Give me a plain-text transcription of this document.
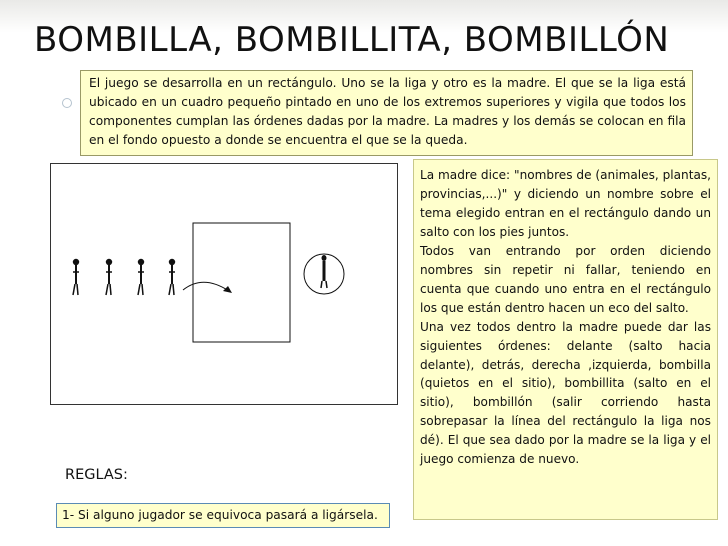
BOMBILLA, BOMBILLITA, BOMBILLÓN
El juego se desarrolla en un rectángulo. Uno se la liga y otro es la madre. El que se la liga está ubicado en un cuadro pequeño pintado en uno de los extremos superiores y vigila que todos los componentes cumplan las órdenes dadas por la madre. La madres y los demás se colocan en fila en el fondo opuesto a donde se encuentra el que se la queda.

La madre dice: "nombres de (animales, plantas, provincias,...)" y diciendo un nombre sobre el tema elegido entran en el rectángulo dando un salto con los pies juntos.

Todos van entrando por orden diciendo nombres sin repetir ni fallar, teniendo en cuenta que cuando uno entra en el rectángulo los que están dentro hacen un eco del salto.

Una vez todos dentro la madre puede dar las siguientes órdenes: delante (salto hacia delante), detrás, derecha ,izquierda, bombilla (quietos en el sitio), bombillita (salto en el sitio), bombillón (salir corriendo hasta sobrepasar la línea del rectángulo la liga nos dé). El que sea dado por la madre se la liga y el juego comienza de nuevo.

REGLAS:
1- Si alguno jugador se equivoca pasará a ligársela.
